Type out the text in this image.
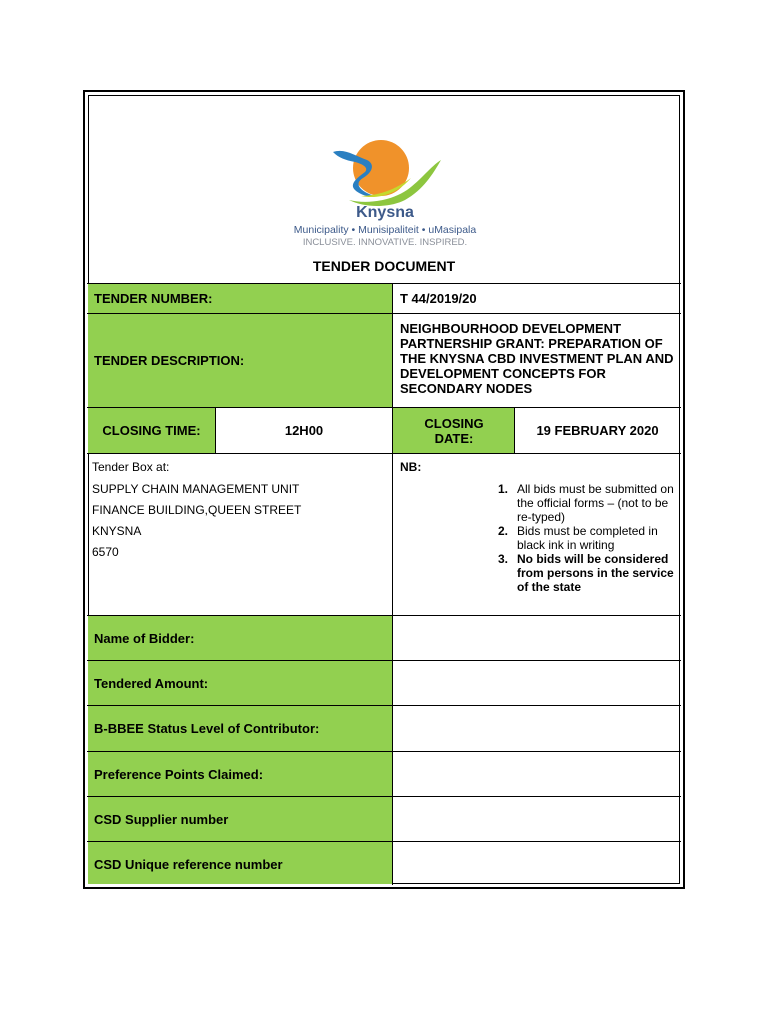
Knysna
Municipality • Munisipaliteit • uMasipala
INCLUSIVE. INNOVATIVE. INSPIRED.
TENDER DOCUMENT
TENDER NUMBER:	T 44/2019/20
TENDER DESCRIPTION:
NEIGHBOURHOOD DEVELOPMENT PARTNERSHIP GRANT: PREPARATION OF THE KNYSNA CBD INVESTMENT PLAN AND DEVELOPMENT CONCEPTS FOR SECONDARY NODES
CLOSING TIME:	12H00	CLOSING DATE:	19 FEBRUARY 2020
Tender Box at:
SUPPLY CHAIN MANAGEMENT UNIT
FINANCE BUILDING,QUEEN STREET
KNYSNA
6570
NB:
1. All bids must be submitted on the official forms – (not to be re-typed)
2. Bids must be completed in black ink in writing
3. No bids will be considered from persons in the service of the state
Name of Bidder:
Tendered Amount:
B-BBEE Status Level of Contributor:
Preference Points Claimed:
CSD Supplier number
CSD Unique reference number
